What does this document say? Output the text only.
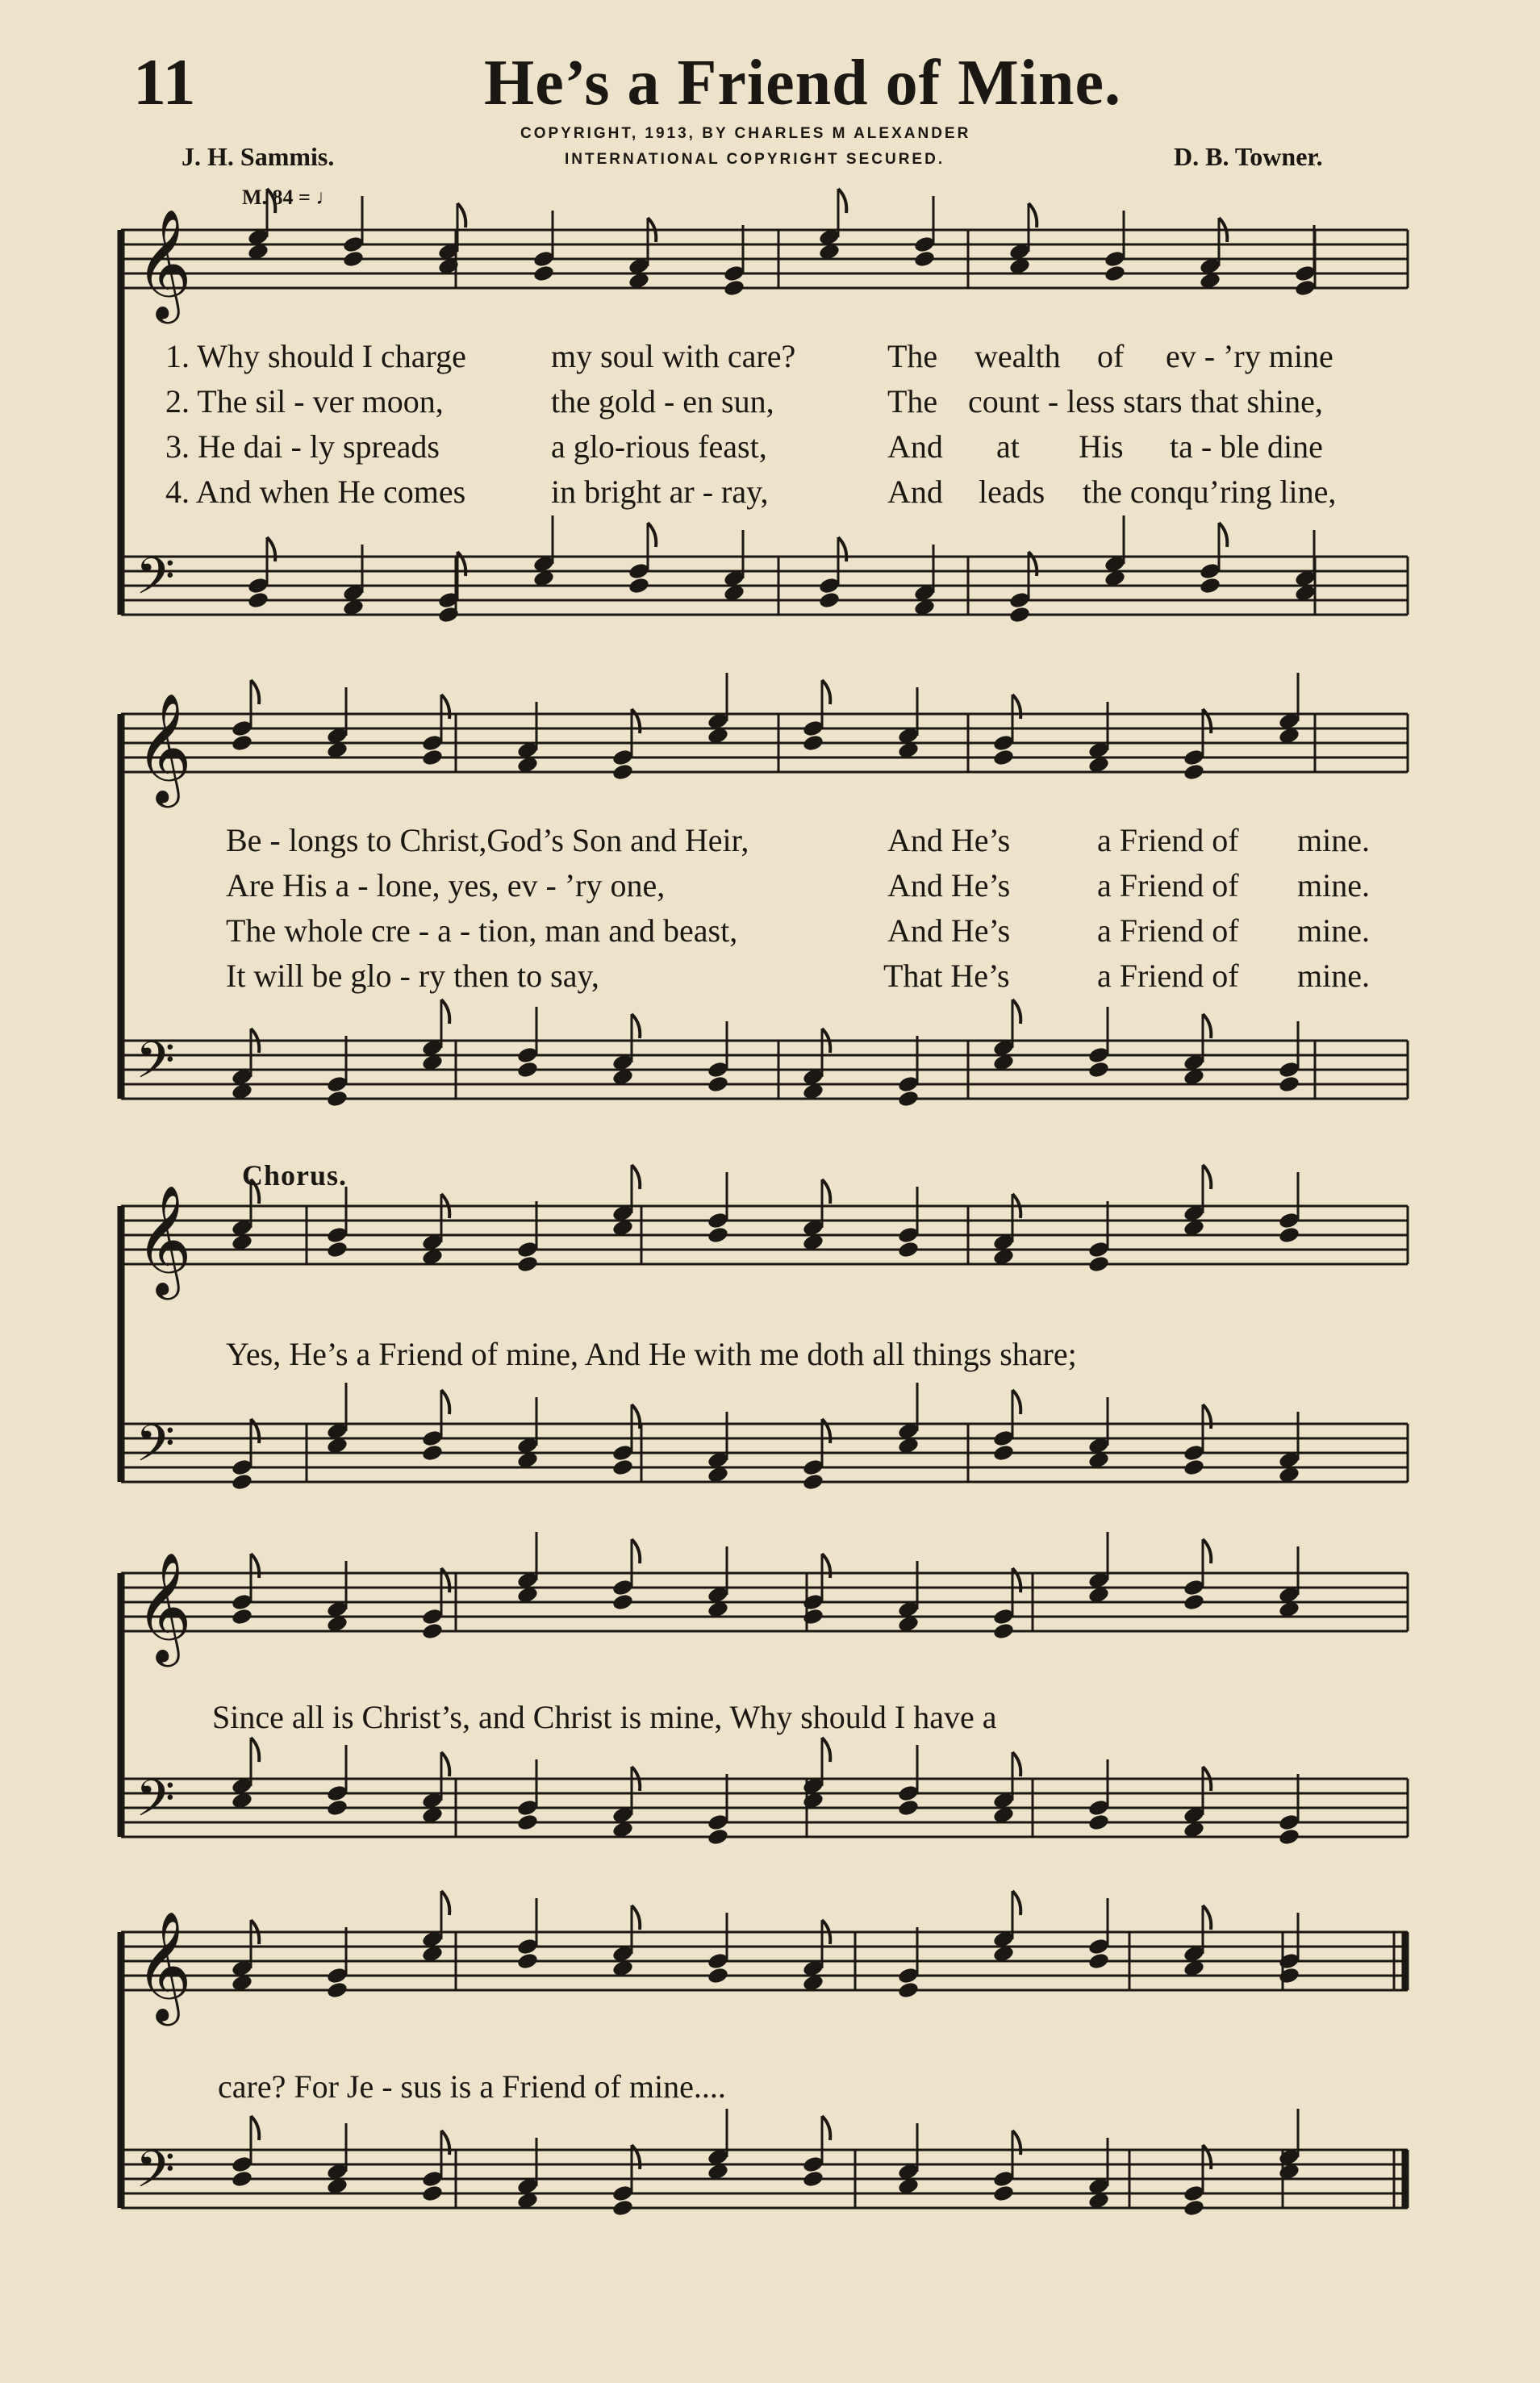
11	He’s a Friend of Mine.
COPYRIGHT, 1913, BY CHARLES M ALEXANDER
INTERNATIONAL COPYRIGHT SECURED.
J. H. Sammis.	D. B. Towner.
M. 84 = ♩
𝄞
𝄢
𝄞
𝄢
𝄞
𝄢
𝄞
𝄢
𝄞
𝄢
1. Why should I charge	my soul with care?	The wealth of ev - ’ry mine
2. The sil - ver moon,	the gold - en sun,	The count - less stars that shine,
3. He dai - ly spreads	a glo-rious feast,	And at His ta - ble dine
4. And when He comes	in bright ar - ray,	And leads the conqu’ring line,
Be - longs to Christ,God’s Son and Heir,	And He’s	a Friend of mine.
Are His a - lone, yes, ev - ’ry one,	And He’s	a Friend of mine.
The whole cre - a - tion, man and beast,	And He’s	a Friend of mine.
It will be glo - ry then to say,	That He’s	a Friend of mine.
Chorus.
Yes, He’s a Friend of mine, And He with me doth all things share;
Since all is Christ’s, and Christ is mine, Why should I have a
care? For Je - sus is a Friend of mine....
